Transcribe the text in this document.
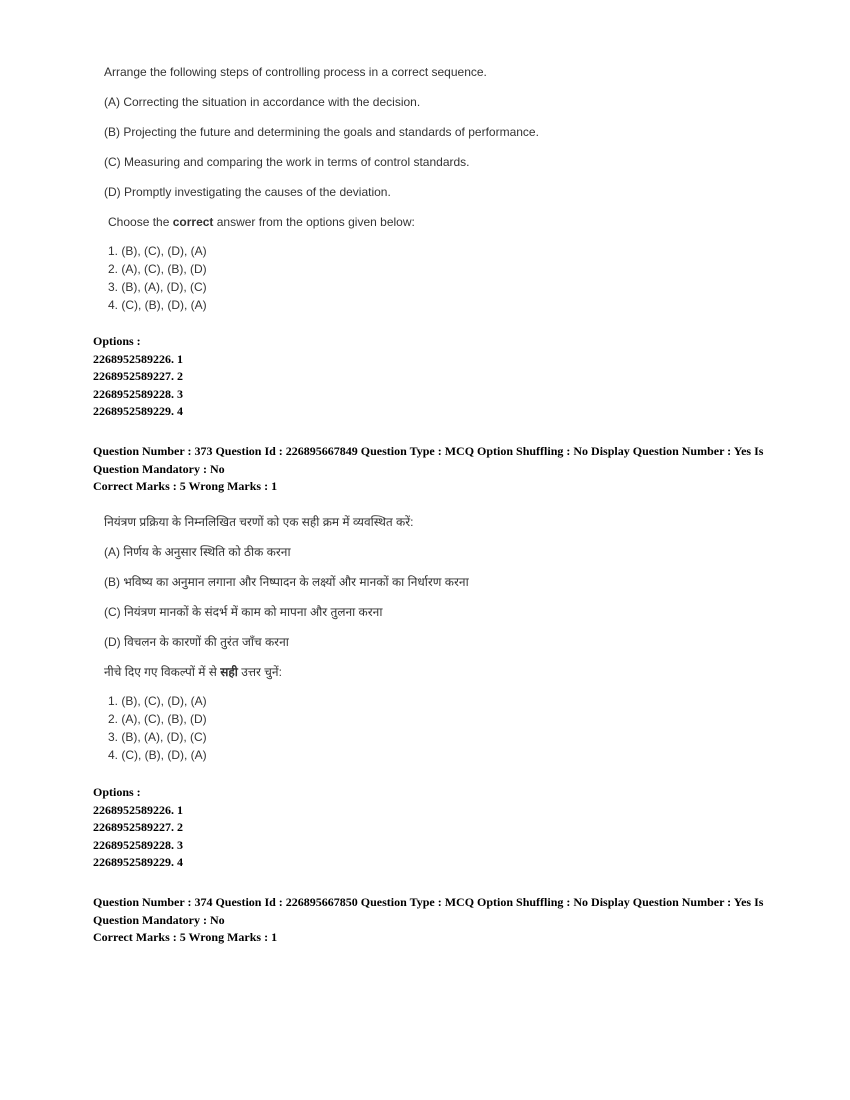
Arrange the following steps of controlling process in a correct sequence.

(A) Correcting the situation in accordance with the decision.

(B) Projecting the future and determining the goals and standards of performance.

(C) Measuring and comparing the work in terms of control standards.

(D) Promptly investigating the causes of the deviation.

Choose the correct answer from the options given below:

1. (B), (C), (D), (A)
2. (A), (C), (B), (D)
3. (B), (A), (D), (C)
4. (C), (B), (D), (A)
Options :
2268952589226. 1
2268952589227. 2
2268952589228. 3
2268952589229. 4
Question Number : 373 Question Id : 226895667849 Question Type : MCQ Option Shuffling : No Display Question Number : Yes Is Question Mandatory : No
Correct Marks : 5 Wrong Marks : 1

नियंत्रण प्रक्रिया के निम्नलिखित चरणों को एक सही क्रम में व्यवस्थित करें:

(A) निर्णय के अनुसार स्थिति को ठीक करना

(B) भविष्य का अनुमान लगाना और निष्पादन के लक्ष्यों और मानकों का निर्धारण करना

(C) नियंत्रण मानकों के संदर्भ में काम को मापना और तुलना करना

(D) विचलन के कारणों की तुरंत जाँच करना

नीचे दिए गए विकल्पों में से सही उत्तर चुनें:

1. (B), (C), (D), (A)
2. (A), (C), (B), (D)
3. (B), (A), (D), (C)
4. (C), (B), (D), (A)
Options :
2268952589226. 1
2268952589227. 2
2268952589228. 3
2268952589229. 4
Question Number : 374 Question Id : 226895667850 Question Type : MCQ Option Shuffling : No Display Question Number : Yes Is Question Mandatory : No
Correct Marks : 5 Wrong Marks : 1
